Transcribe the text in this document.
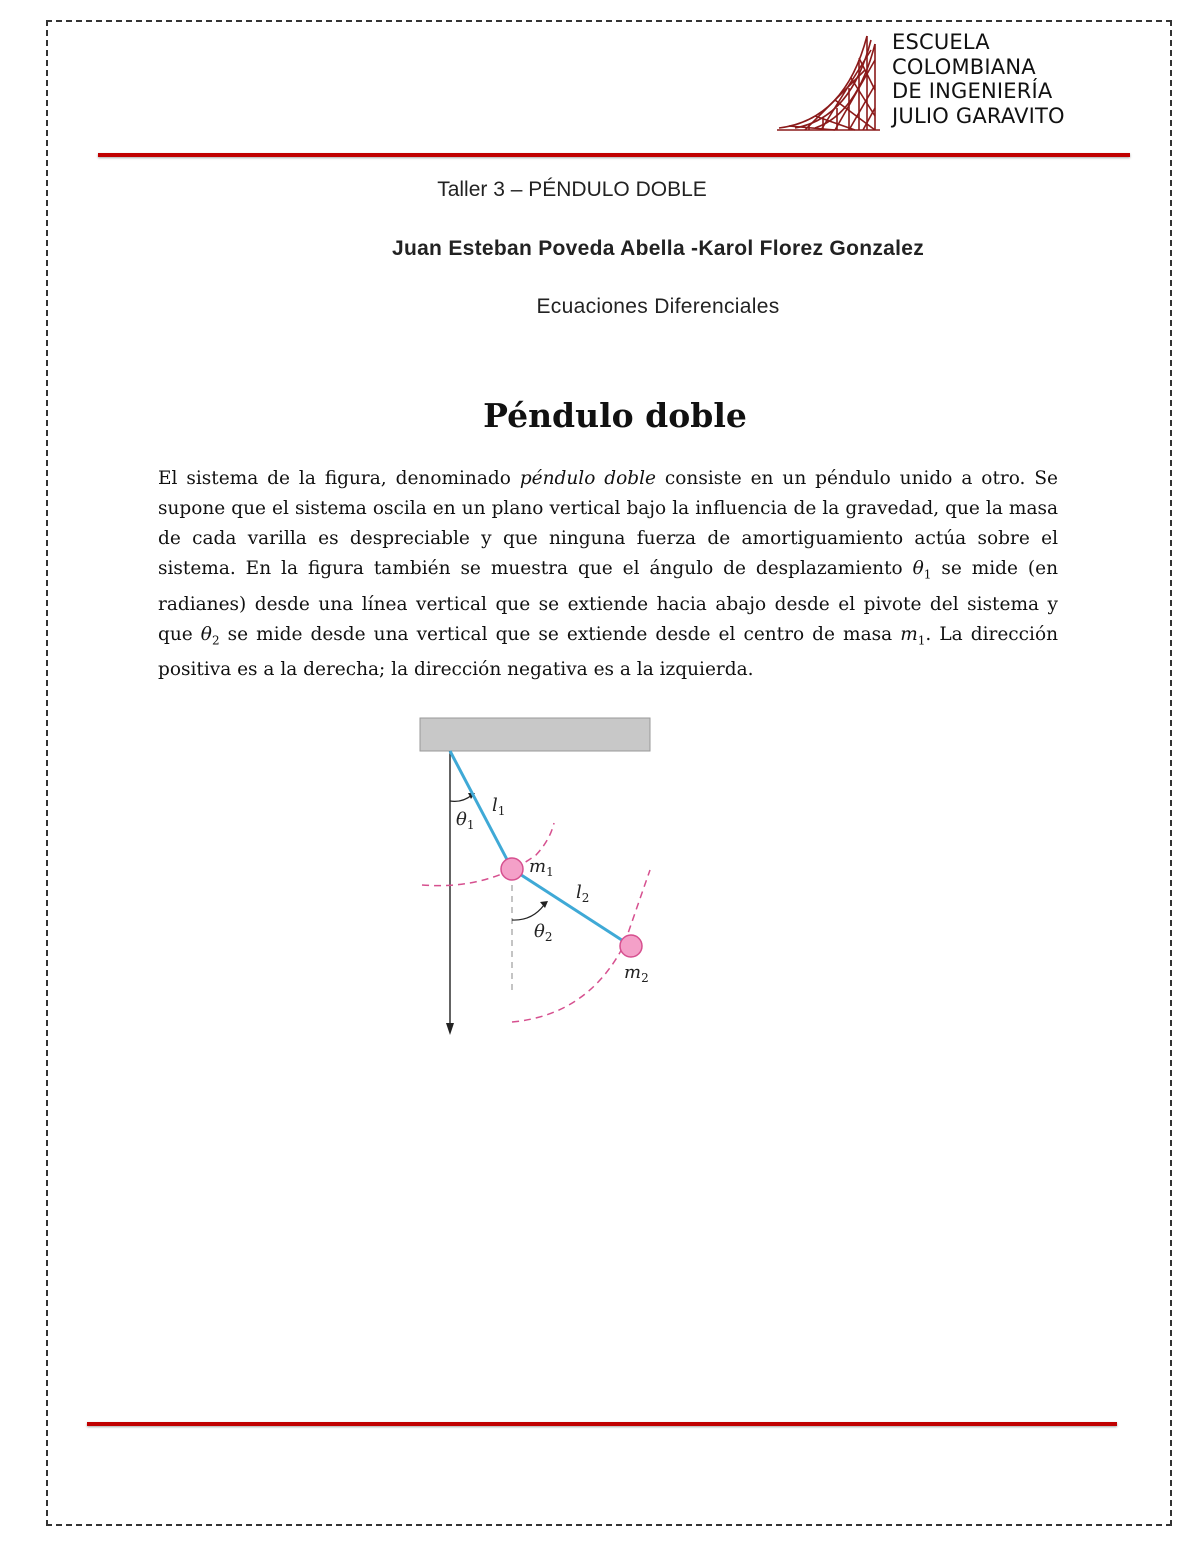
ESCUELA
COLOMBIANA
DE INGENIERÍA
JULIO GARAVITO
Taller 3 – PÉNDULO DOBLE
Juan Esteban Poveda Abella -Karol Florez Gonzalez
Ecuaciones Diferenciales
Péndulo doble
El sistema de la figura, denominado péndulo doble consiste en un péndulo unido a otro. Se supone que el sistema oscila en un plano vertical bajo la influencia de la gravedad, que la masa de cada varilla es despreciable y que ninguna fuerza de amortiguamiento actúa sobre el sistema. En la figura también se muestra que el ángulo de desplazamiento $\theta_1$ se mide (en radianes) desde una línea vertical que se extiende hacia abajo desde el pivote del sistema y que $\theta_2$ se mide desde una vertical que se extiende desde el centro de masa $m_1$. La dirección positiva es a la derecha; la dirección negativa es a la izquierda.
$\theta_1$
$l_1$
$m_1$
$l_2$
$\theta_2$
$m_2$
